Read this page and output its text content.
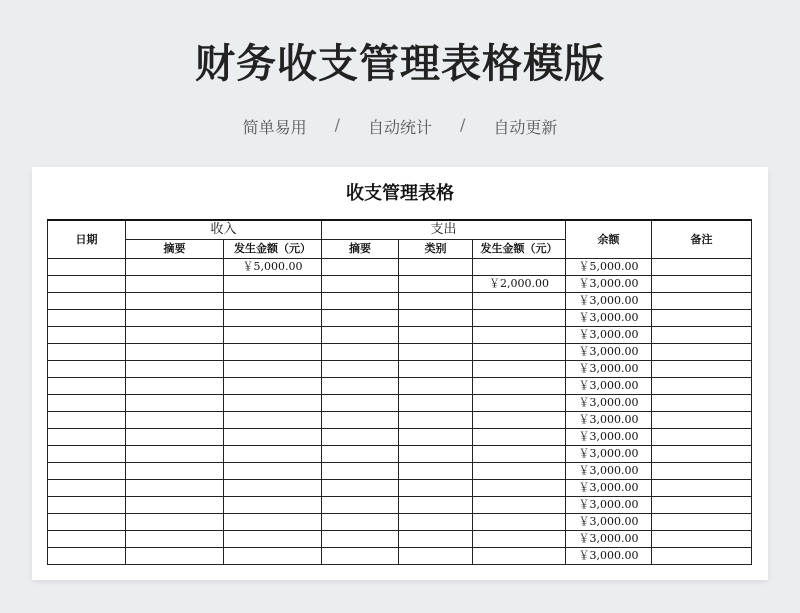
财务收支管理表格模版
简单易用	/	自动统计	/	自动更新
收支管理表格
日期	收入		支出			余额	备注
	摘要	发生金额（元）	摘要	类别	发生金额（元）		
		￥5,000.00				￥5,000.00	
					￥2,000.00	￥3,000.00	
						￥3,000.00	
						￥3,000.00	
						￥3,000.00	
						￥3,000.00	
						￥3,000.00	
						￥3,000.00	
						￥3,000.00	
						￥3,000.00	
						￥3,000.00	
						￥3,000.00	
						￥3,000.00	
						￥3,000.00	
						￥3,000.00	
						￥3,000.00	
						￥3,000.00	
						￥3,000.00	
